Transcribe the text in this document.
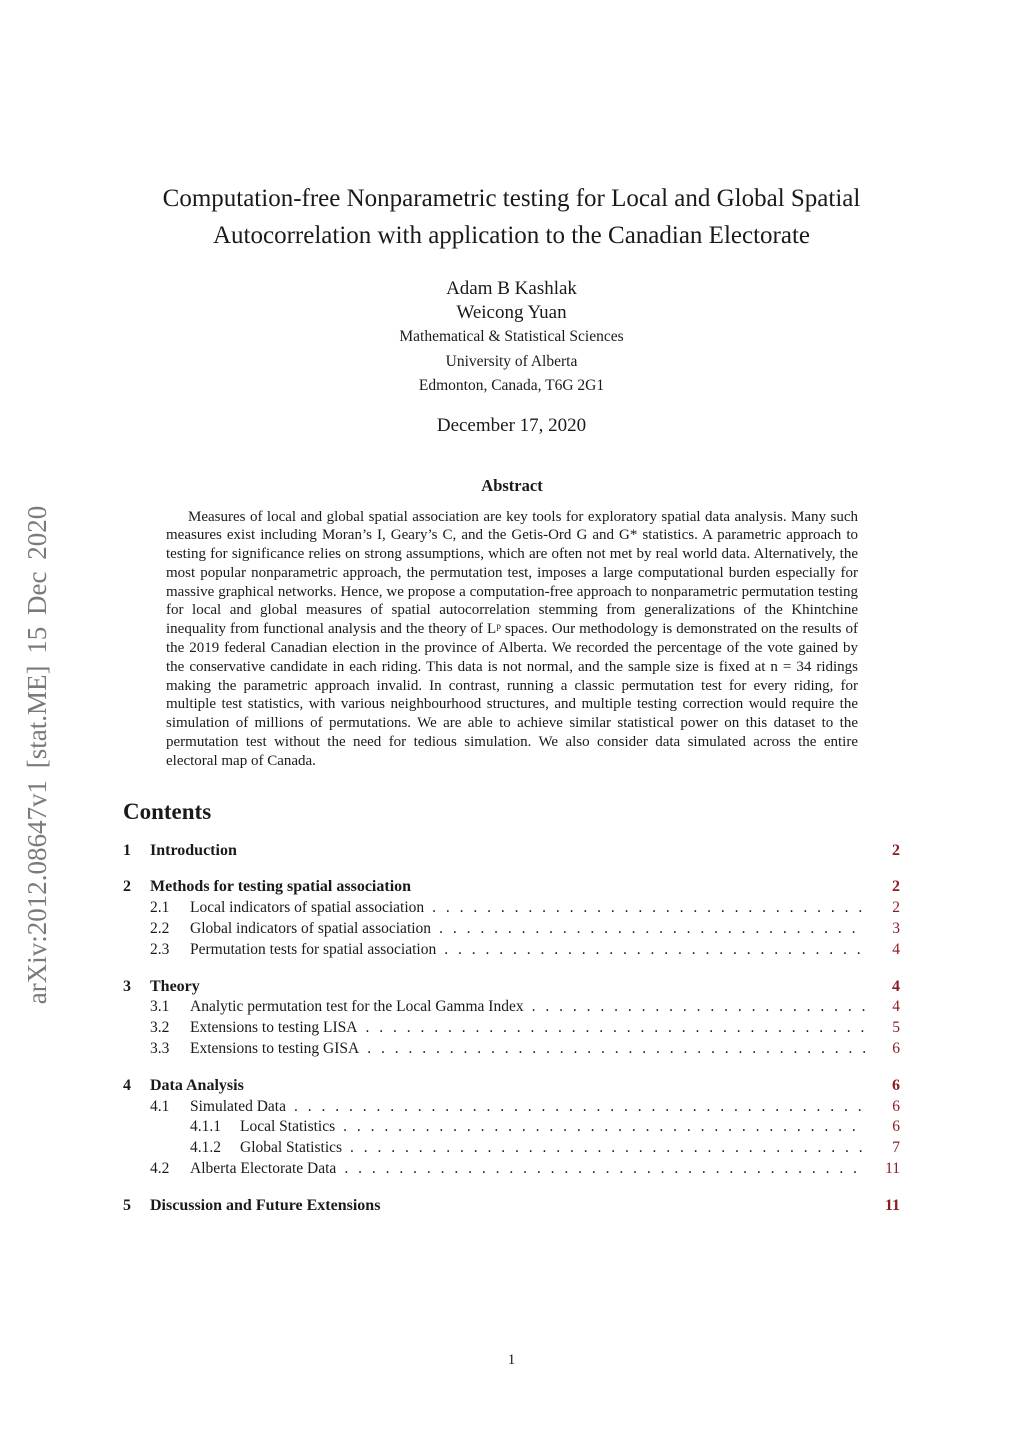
arXiv:2012.08647v1 [stat.ME] 15 Dec 2020
Computation-free Nonparametric testing for Local and Global Spatial Autocorrelation with application to the Canadian Electorate
Adam B Kashlak
Weicong Yuan
Mathematical & Statistical Sciences
University of Alberta
Edmonton, Canada, T6G 2G1
December 17, 2020
Abstract
Measures of local and global spatial association are key tools for exploratory spatial data analysis. Many such measures exist including Moran’s I, Geary’s C, and the Getis-Ord G and G* statistics. A parametric approach to testing for significance relies on strong assumptions, which are often not met by real world data. Alternatively, the most popular nonparametric approach, the permutation test, imposes a large computational burden especially for massive graphical networks. Hence, we propose a computation-free approach to nonparametric permutation testing for local and global measures of spatial autocorrelation stemming from generalizations of the Khintchine inequality from functional analysis and the theory of Lᵖ spaces. Our methodology is demonstrated on the results of the 2019 federal Canadian election in the province of Alberta. We recorded the percentage of the vote gained by the conservative candidate in each riding. This data is not normal, and the sample size is fixed at n = 34 ridings making the parametric approach invalid. In contrast, running a classic permutation test for every riding, for multiple test statistics, with various neighbourhood structures, and multiple testing correction would require the simulation of millions of permutations. We are able to achieve similar statistical power on this dataset to the permutation test without the need for tedious simulation. We also consider data simulated across the entire electoral map of Canada.
Contents
1	Introduction	2
2	Methods for testing spatial association	2
2.1	Local indicators of spatial association . . .	2
2.2	Global indicators of spatial association . . .	3
2.3	Permutation tests for spatial association . . .	4
3	Theory	4
3.1	Analytic permutation test for the Local Gamma Index . . .	4
3.2	Extensions to testing LISA . . .	5
3.3	Extensions to testing GISA . . .	6
4	Data Analysis	6
4.1	Simulated Data . . .	6
4.1.1	Local Statistics . . .	6
4.1.2	Global Statistics . . .	7
4.2	Alberta Electorate Data . . .	11
5	Discussion and Future Extensions	11
1
